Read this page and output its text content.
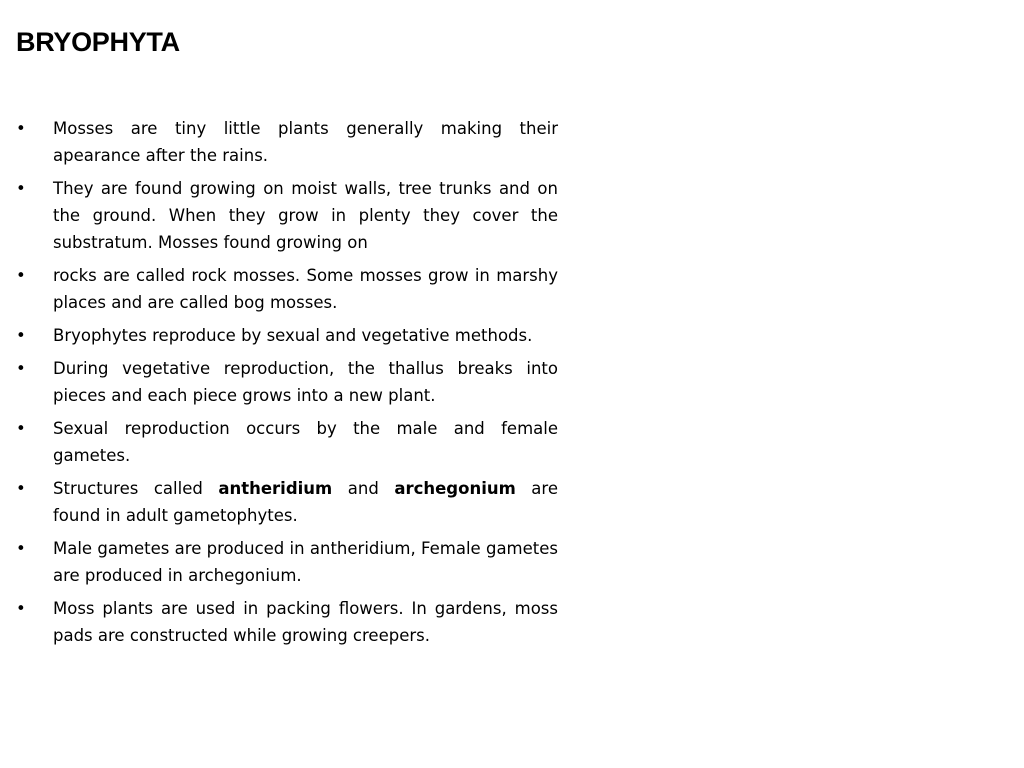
BRYOPHYTA
• Mosses are tiny little plants generally making their apearance after the rains.
• They are found growing on moist walls, tree trunks and on the ground. When they grow in plenty they cover the substratum. Mosses found growing on
• rocks are called rock mosses. Some mosses grow in marshy places and are called bog mosses.
• Bryophytes reproduce by sexual and vegetative methods.
• During vegetative reproduction, the thallus breaks into pieces and each piece grows into a new plant.
• Sexual reproduction occurs by the male and female gametes.
• Structures called antheridium and archegonium are found in adult gametophytes.
• Male gametes are produced in antheridium, Female gametes are produced in archegonium.
• Moss plants are used in packing flowers. In gardens, moss pads are constructed while growing creepers.
